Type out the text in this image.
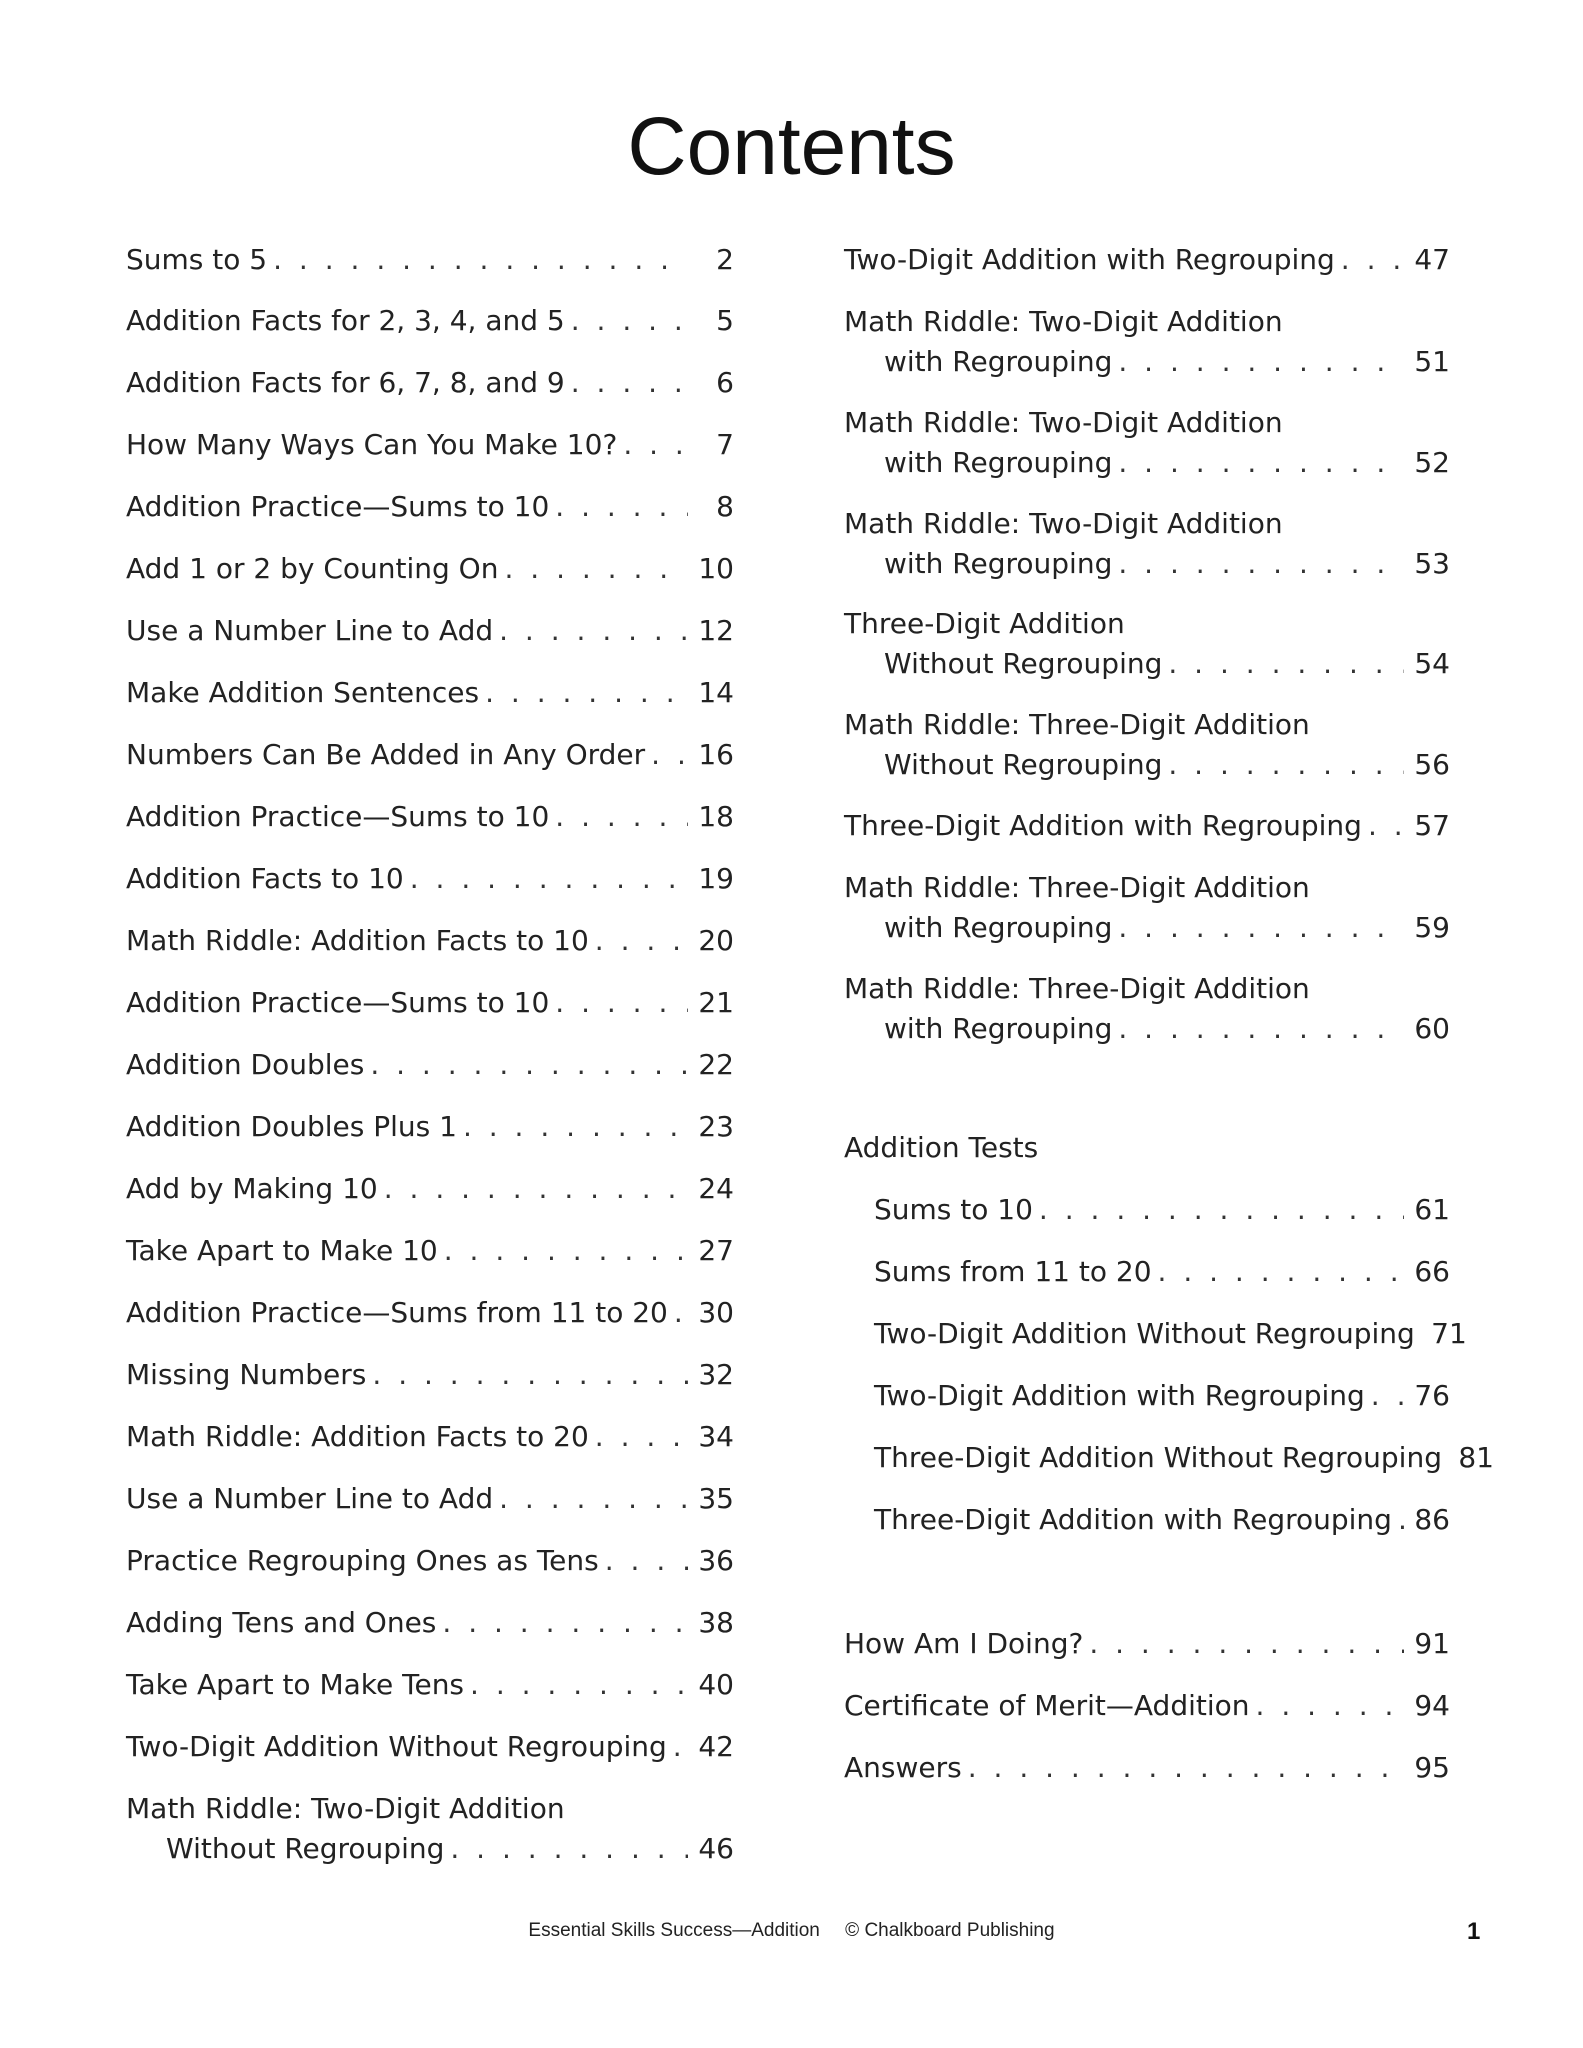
Contents
Sums to 5 . . .	2
Addition Facts for 2, 3, 4, and 5 . . .	5
Addition Facts for 6, 7, 8, and 9 . . .	6
How Many Ways Can You Make 10? . . .	7
Addition Practice—Sums to 10 . . .	8
Add 1 or 2 by Counting On . . .	10
Use a Number Line to Add . . .	12
Make Addition Sentences . . .	14
Numbers Can Be Added in Any Order . . . 16
Addition Practice—Sums to 10 . . .	18
Addition Facts to 10 . . .	19
Math Riddle: Addition Facts to 10 . . .	20
Addition Practice—Sums to 10 . . .	21
Addition Doubles . . .	22
Addition Doubles Plus 1 . . .	23
Add by Making 10 . . .	24
Take Apart to Make 10 . . .	27
Addition Practice—Sums from 11 to 20 . . . 30
Missing Numbers . . .	32
Math Riddle: Addition Facts to 20 . . .	34
Use a Number Line to Add . . .	35
Practice Regrouping Ones as Tens . . .	36
Adding Tens and Ones . . .	38
Take Apart to Make Tens . . .	40
Two-Digit Addition Without Regrouping . . . 42
Math Riddle: Two-Digit Addition
Without Regrouping . . .	46
Two-Digit Addition with Regrouping . . .	47
Math Riddle: Two-Digit Addition
with Regrouping . . .	51
Math Riddle: Two-Digit Addition
with Regrouping . . .	52
Math Riddle: Two-Digit Addition
with Regrouping . . .	53
Three-Digit Addition
Without Regrouping . . .	54
Math Riddle: Three-Digit Addition
Without Regrouping . . .	56
Three-Digit Addition with Regrouping . . . 57
Math Riddle: Three-Digit Addition
with Regrouping . . .	59
Math Riddle: Three-Digit Addition
with Regrouping . . .	60
Addition Tests
Sums to 10 . . .	61
Sums from 11 to 20 . . .	66
Two-Digit Addition Without Regrouping 71
Two-Digit Addition with Regrouping . . . 76
Three-Digit Addition Without Regrouping 81
Three-Digit Addition with Regrouping . . . 86
How Am I Doing? . . .	91
Certificate of Merit—Addition . . .	94
Answers . . .	95
Essential Skills Success—Addition © Chalkboard Publishing	1
